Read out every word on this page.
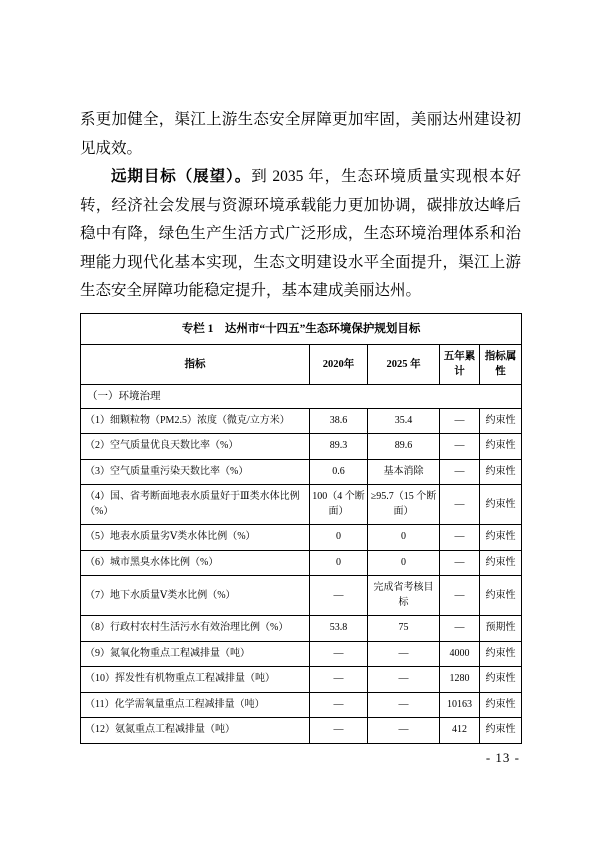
系更加健全，渠江上游生态安全屏障更加牢固，美丽达州建设初见成效。

远期目标（展望）。到 2035 年，生态环境质量实现根本好转，经济社会发展与资源环境承载能力更加协调，碳排放达峰后稳中有降，绿色生产生活方式广泛形成，生态环境治理体系和治理能力现代化基本实现，生态文明建设水平全面提升，渠江上游生态安全屏障功能稳定提升，基本建成美丽达州。

专栏 1　达州市“十四五”生态环境保护规划目标				
指标	2020年	2025 年	五年累计	指标属性
（一）环境治理				
（1）细颗粒物（PM2.5）浓度（微克/立方米）	38.6	35.4	—	约束性
（2）空气质量优良天数比率（%）	89.3	89.6	—	约束性
（3）空气质量重污染天数比率（%）	0.6	基本消除	—	约束性
（4）国、省考断面地表水质量好于Ⅲ类水体比例（%）	100（4 个断面）	≥95.7（15 个断面）	—	约束性
（5）地表水质量劣Ⅴ类水体比例（%）	0	0	—	约束性
（6）城市黑臭水体比例（%）	0	0	—	约束性
（7）地下水质量Ⅴ类水比例（%）	—	完成省考核目标	—	约束性
（8）行政村农村生活污水有效治理比例（%）	53.8	75	—	预期性
（9）氮氧化物重点工程减排量（吨）	—	—	4000	约束性
（10）挥发性有机物重点工程减排量（吨）	—	—	1280	约束性
（11）化学需氧量重点工程减排量（吨）	—	—	10163	约束性
（12）氨氮重点工程减排量（吨）	—	—	412	约束性
- 13 -
